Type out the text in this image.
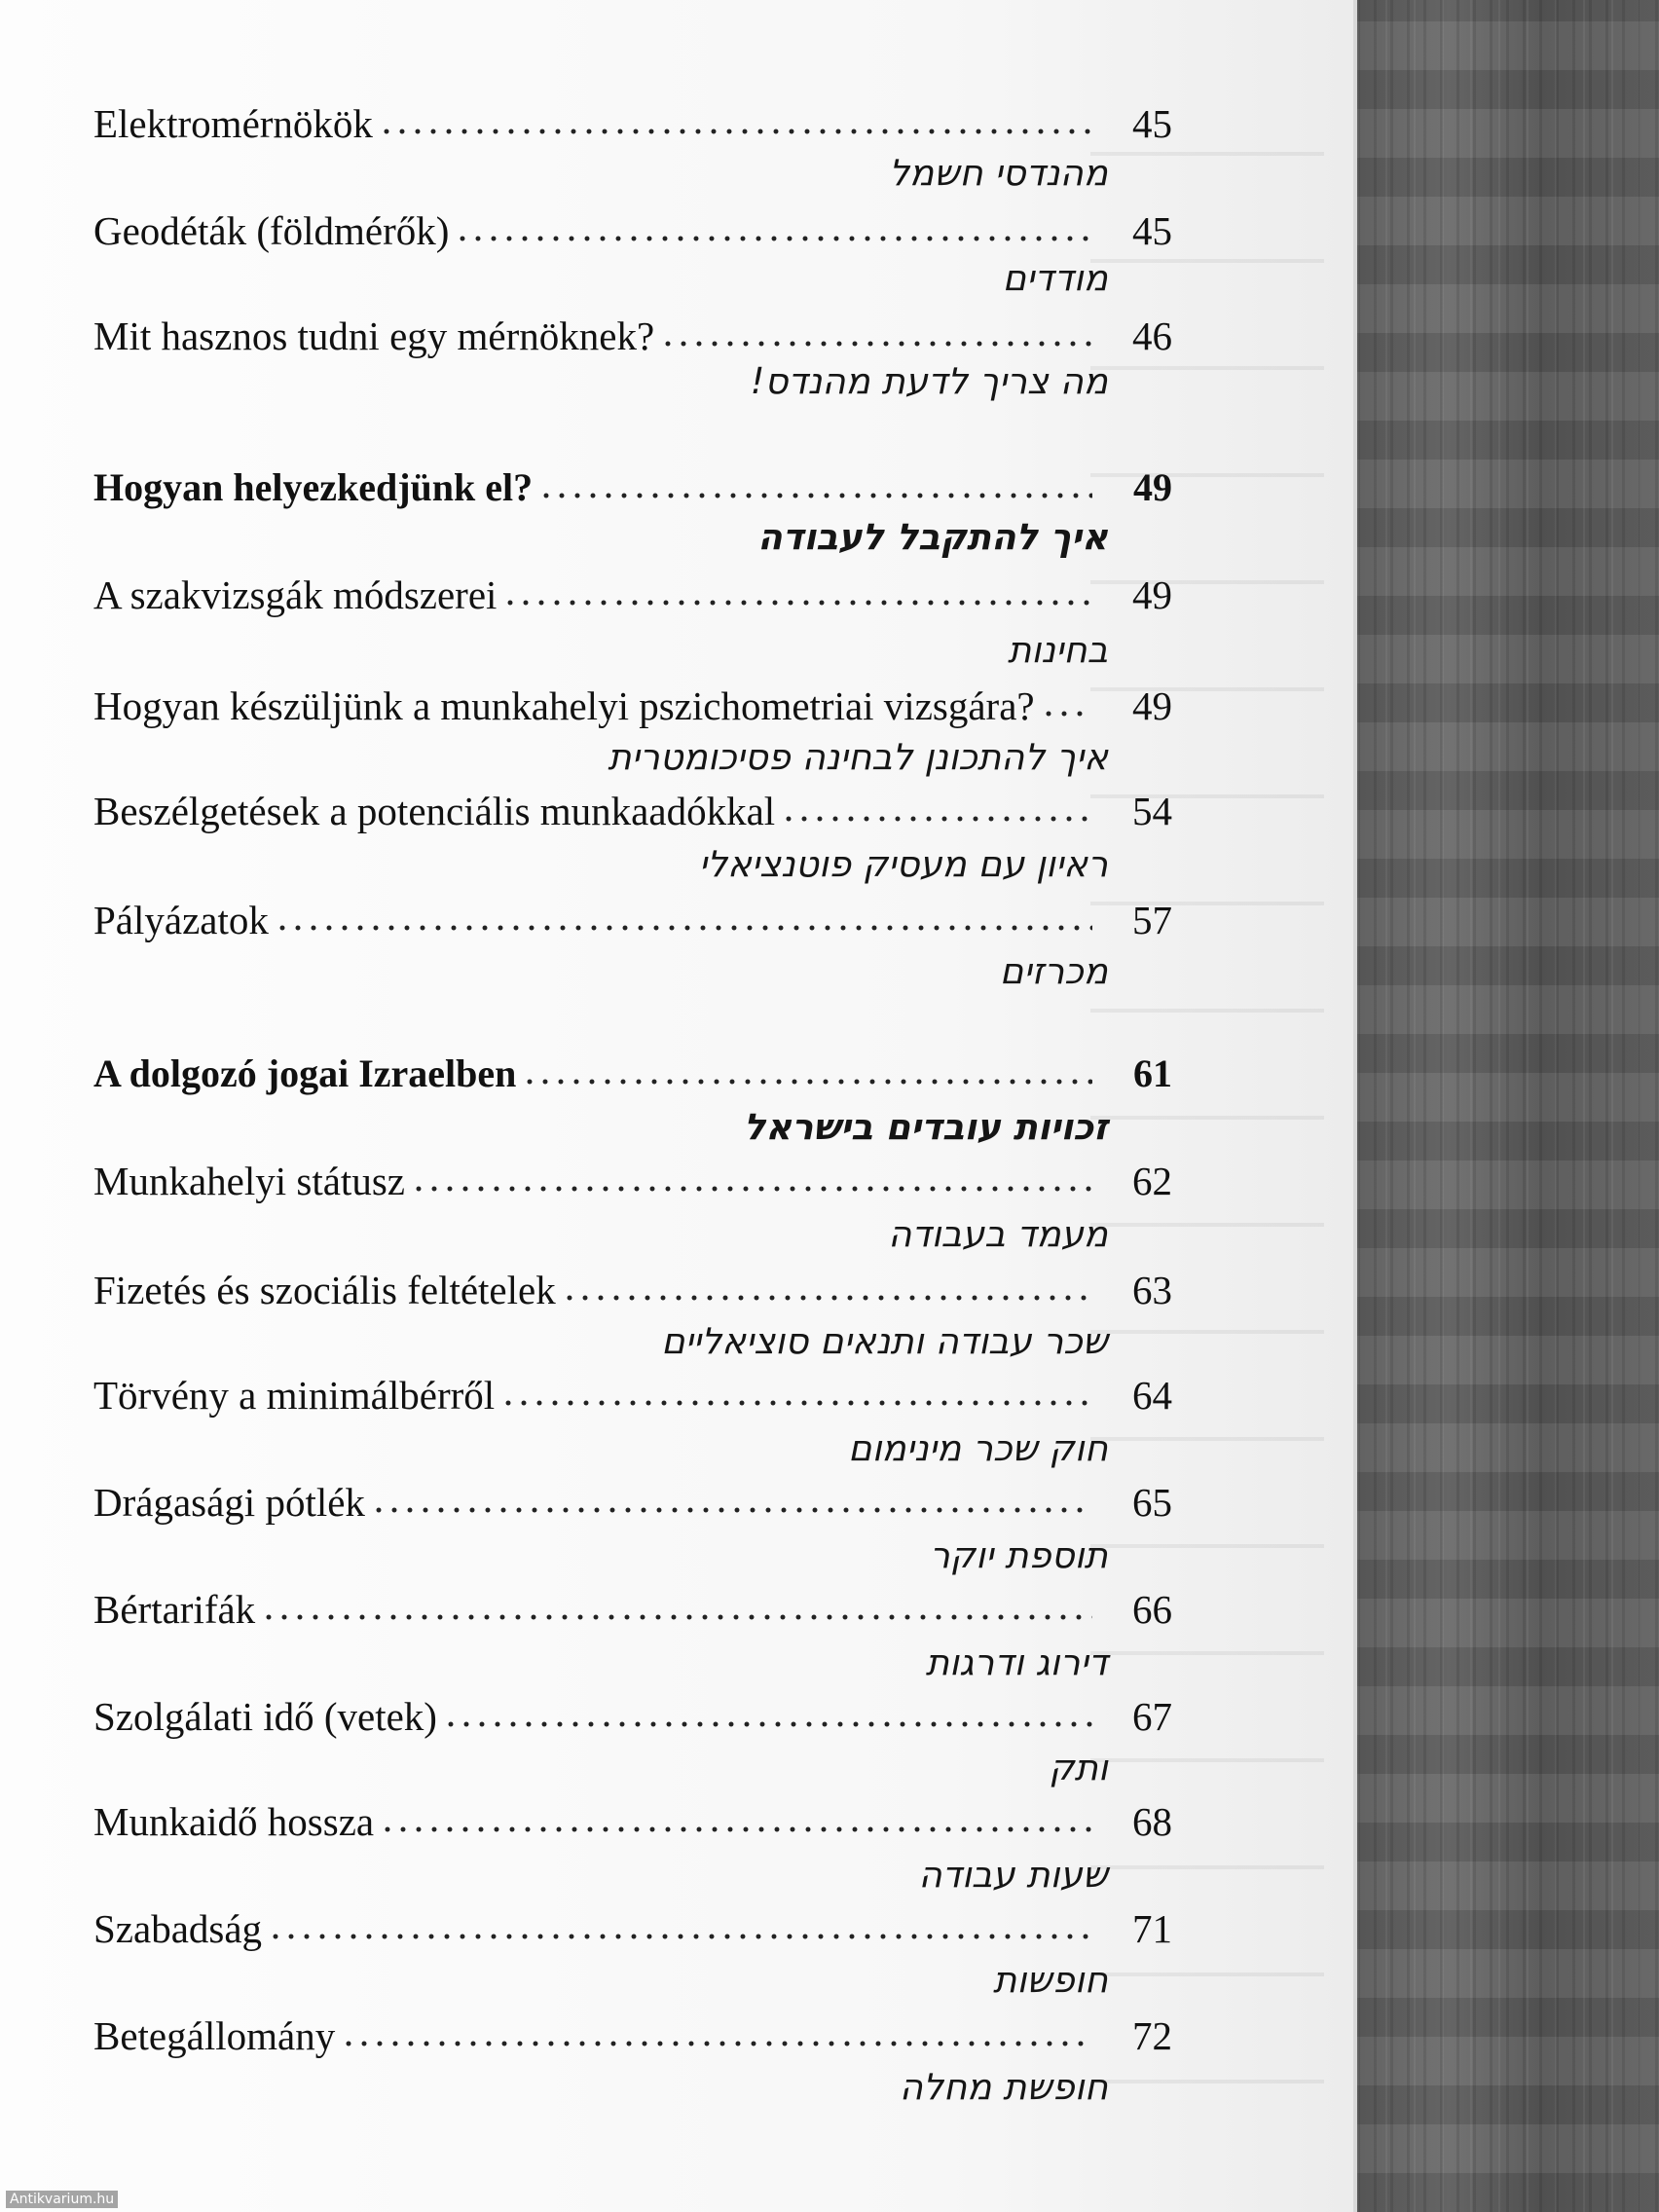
Elektromérnökök	45
מהנדסי חשמל
Geodéták (földmérők)	45
מודדים
Mit hasznos tudni egy mérnöknek?	46
מה צריך לדעת מהנדס!
Hogyan helyezkedjünk el?	49
איך להתקבל לעבודה
A szakvizsgák módszerei	49
בחינות
Hogyan készüljünk a munkahelyi pszichometriai vizsgára?	49
איך להתכונן לבחינה פסיכומטרית
Beszélgetések a potenciális munkaadókkal	54
ראיון עם מעסיק פוטנציאלי
Pályázatok	57
מכרזים
A dolgozó jogai Izraelben	61
זכויות עובדים בישראל
Munkahelyi státusz	62
מעמד בעבודה
Fizetés és szociális feltételek	63
שכר עבודה ותנאים סוציאליים
Törvény a minimálbérről	64
חוק שכר מינימום
Drágasági pótlék	65
תוספת יוקר
Bértarifák	66
דירוג ודרגות
Szolgálati idő (vetek)	67
ותק
Munkaidő hossza	68
שעות עבודה
Szabadság	71
חופשות
Betegállomány	72
חופשת מחלה
Antikvarium.hu
